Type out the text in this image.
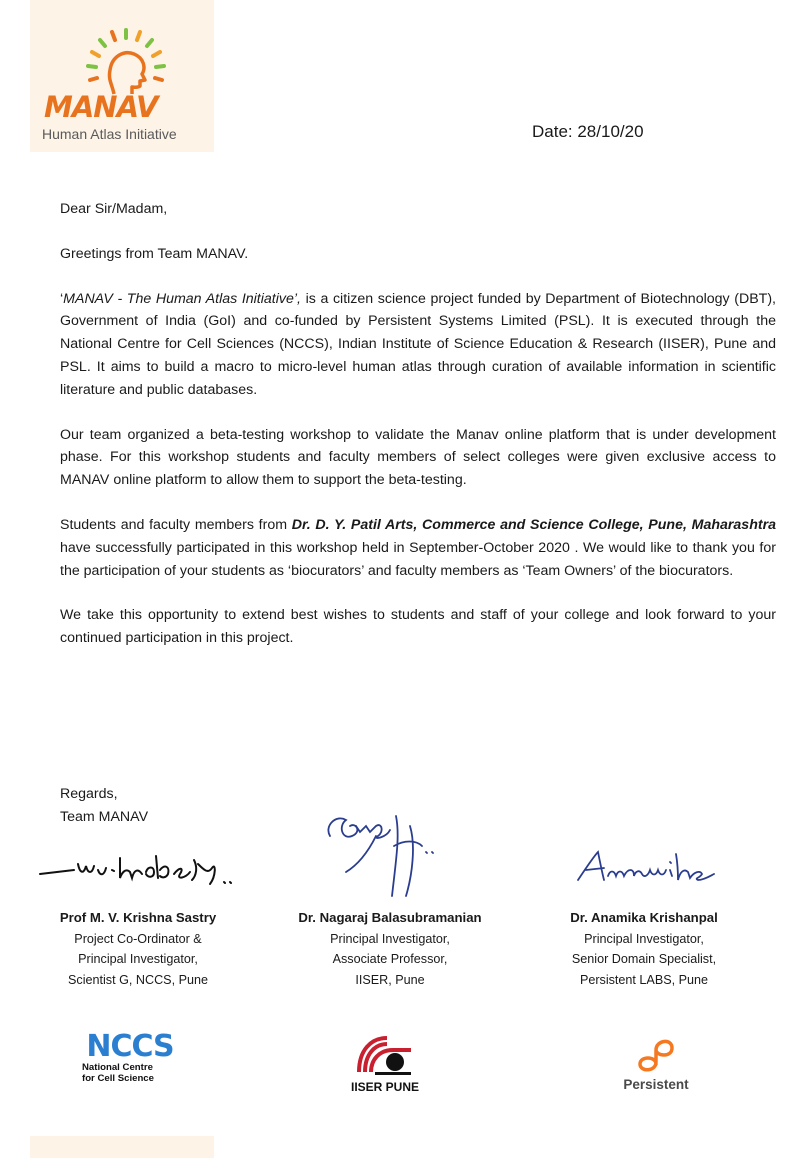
MANAV
Human Atlas Initiative	Date: 28/10/20

Dear Sir/Madam,

Greetings from Team MANAV.

‘MANAV - The Human Atlas Initiative’, is a citizen science project funded by Department of Biotechnology (DBT), Government of India (GoI) and co-funded by Persistent Systems Limited (PSL). It is executed through the National Centre for Cell Sciences (NCCS), Indian Institute of Science Education & Research (IISER), Pune and PSL. It aims to build a macro to micro-level human atlas through curation of available information in scientific literature and public databases.

Our team organized a beta-testing workshop to validate the Manav online platform that is under development phase. For this workshop students and faculty members of select colleges were given exclusive access to MANAV online platform to allow them to support the beta-testing.

Students and faculty members from Dr. D. Y. Patil Arts, Commerce and Science College, Pune, Maharashtra have successfully participated in this workshop held in September-October 2020 . We would like to thank you for the participation of your students as ‘biocurators’ and faculty members as ‘Team Owners’ of the biocurators.

We take this opportunity to extend best wishes to students and staff of your college and look forward to your continued participation in this project.

Regards,
Team MANAV
Prof M. V. Krishna Sastry
Project Co-Ordinator &
Principal Investigator,
Scientist G, NCCS, Pune
Dr. Nagaraj Balasubramanian
Principal Investigator,
Associate Professor,
IISER, Pune
Dr. Anamika Krishanpal
Principal Investigator,
Senior Domain Specialist,
Persistent LABS, Pune
NCCS
National Centre
for Cell Science
IISER PUNE	Persistent
